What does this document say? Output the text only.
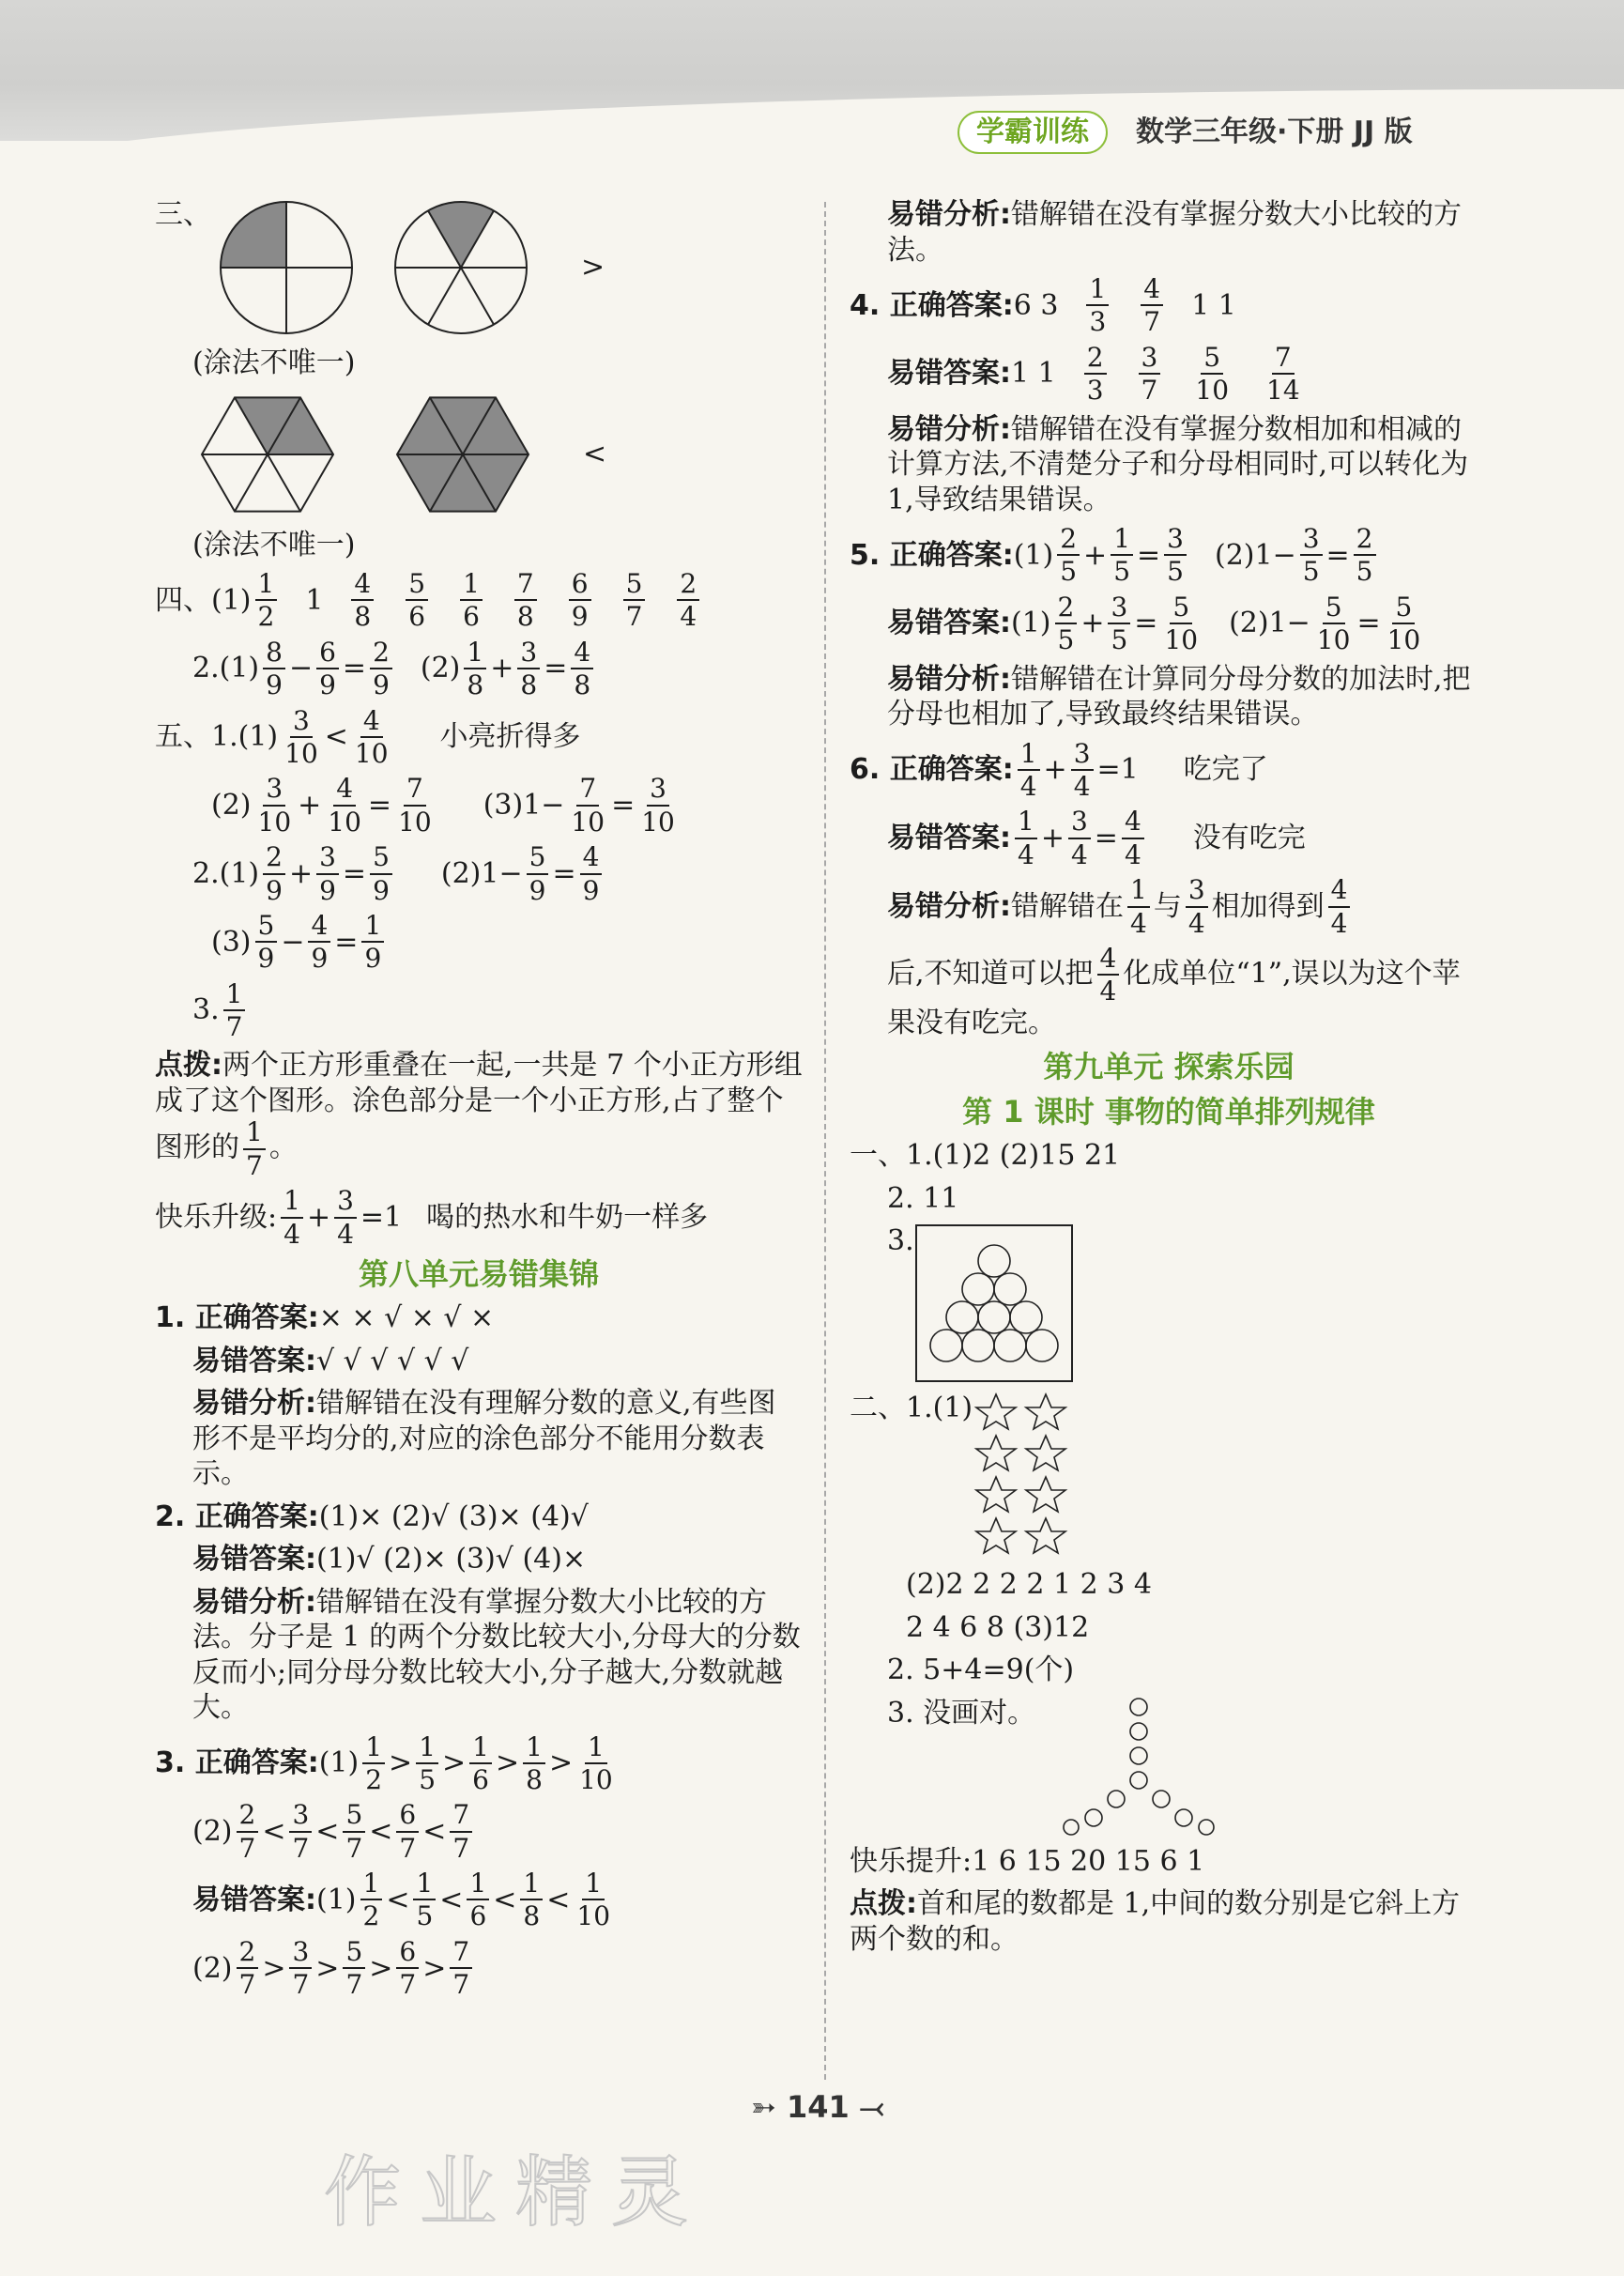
学霸训练	数学三年级·下册 JJ 版
三、
>
(涂法不唯一)
<
(涂法不唯一)
四、$(1) \frac{1}{2} 1 \frac{4}{8} \frac{5}{6} \frac{1}{6} \frac{7}{8} \frac{6}{9} \frac{5}{7} \frac{2}{4}$
$2.(1) \frac{8}{9} - \frac{6}{9} = \frac{2}{9} (2) \frac{1}{8} + \frac{3}{8} = \frac{4}{8}$
五、$1.(1) \frac{3}{10} < \frac{4}{10}$ 小亮折得多
$(2) \frac{3}{10} + \frac{4}{10} = \frac{7}{10} (3)1- \frac{7}{10} = \frac{3}{10}$
$2.(1) \frac{2}{9} + \frac{3}{9} = \frac{5}{9} (2)1- \frac{5}{9} = \frac{4}{9}$
$(3) \frac{5}{9} - \frac{4}{9} = \frac{1}{9}$
3. $\frac{1}{7}$
点拨:两个正方形重叠在一起,一共是 7 个小正方形组成了这个图形。涂色部分是一个小正方形,占了整个图形的 $\frac{1}{7}$ 。
快乐升级: $\frac{1}{4} + \frac{3}{4} =1$ 喝的热水和牛奶一样多
第八单元易错集锦
1. 正确答案:× × √ × √ ×
易错答案:√ √ √ √ √ √
易错分析:错解错在没有理解分数的意义,有些图形不是平均分的,对应的涂色部分不能用分数表示。
2. 正确答案:(1)× (2)√ (3)× (4)√
易错答案:(1)√ (2)× (3)√ (4)×
易错分析:错解错在没有掌握分数大小比较的方法。分子是 1 的两个分数比较大小,分母大的分数反而小;同分母分数比较大小,分子越大,分数就越大。
3. 正确答案: $(1) \frac{1}{2} > \frac{1}{5} > \frac{1}{6} > \frac{1}{8} > \frac{1}{10}$
$(2) \frac{2}{7} < \frac{3}{7} < \frac{5}{7} < \frac{6}{7} < \frac{7}{7}$
易错答案: $(1) \frac{1}{2} < \frac{1}{5} < \frac{1}{6} < \frac{1}{8} < \frac{1}{10}$
$(2) \frac{2}{7} > \frac{3}{7} > \frac{5}{7} > \frac{6}{7} > \frac{7}{7}$
易错分析:错解错在没有掌握分数大小比较的方法。
4. 正确答案: 6 $3 \frac{1}{3} \frac{4}{7} 1$ 1
易错答案: 1 $1 \frac{2}{3} \frac{3}{7} \frac{5}{10} \frac{7}{14}$
易错分析:错解错在没有掌握分数相加和相减的计算方法,不清楚分子和分母相同时,可以转化为 1,导致结果错误。
5. 正确答案: $(1) \frac{2}{5} + \frac{1}{5} = \frac{3}{5} (2)1- \frac{3}{5} = \frac{2}{5}$
易错答案: $(1) \frac{2}{5} + \frac{3}{5} = \frac{5}{10} (2)1- \frac{5}{10} = \frac{5}{10}$
易错分析:错解错在计算同分母分数的加法时,把分母也相加了,导致最终结果错误。
6. 正确答案: $\frac{1}{4} + \frac{3}{4} =1$ 吃完了
易错答案: $\frac{1}{4} + \frac{3}{4} = \frac{4}{4}$ 没有吃完
易错分析: 错解错在 $\frac{1}{4}$ 与 $\frac{3}{4}$ 相加得到 $\frac{4}{4}$
后,不知道可以把 $\frac{4}{4}$ 化成单位“1”,误以为这个苹果没有吃完。
第九单元 探索乐园
第 1 课时 事物的简单排列规律
一、1.(1)2 (2)15 21
2. 11
3.
二、1.(1)
(2)2 2 2 2 1 2 3 4
2 4 6 8 (3)12
2. 5+4=9(个)
3. 没画对。
快乐提升:1 6 15 20 15 6 1
点拨:首和尾的数都是 1,中间的数分别是它斜上方两个数的和。
➳ 141 ⤙
作业精灵
